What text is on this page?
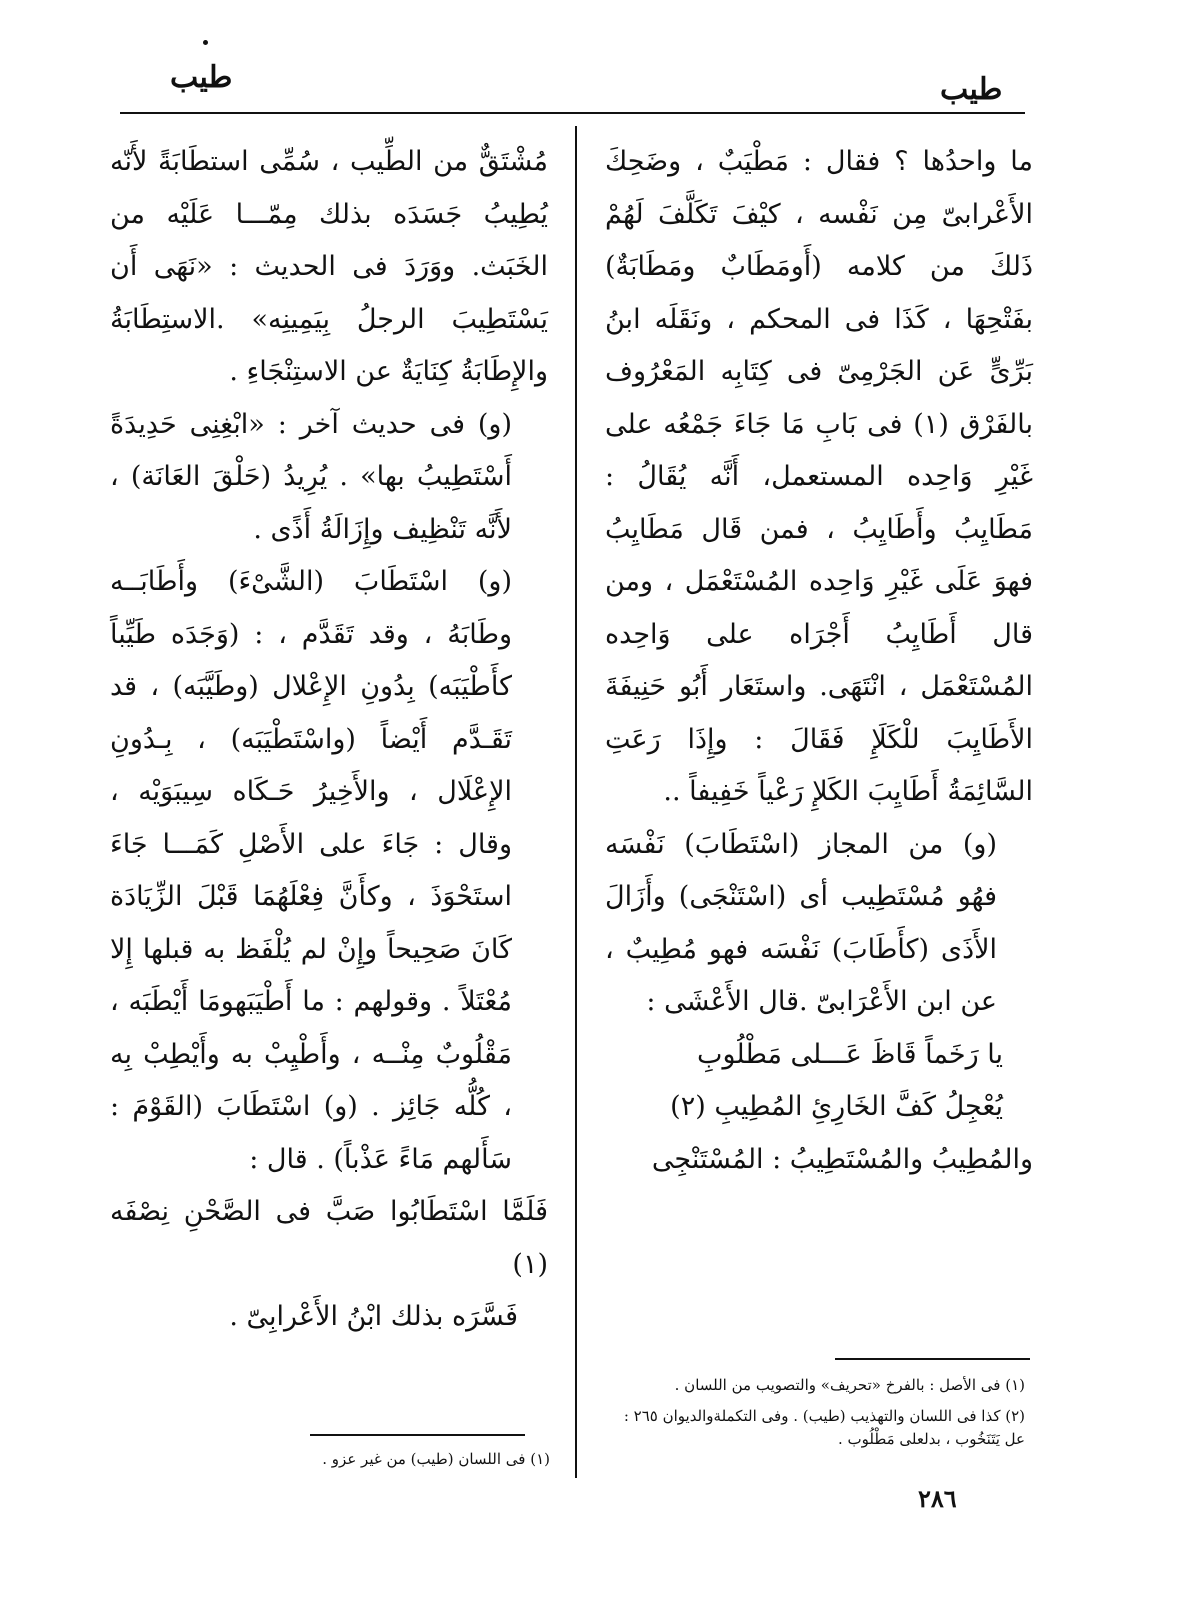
طيب	طيب

ما واحدُها ؟ فقال : مَطْيَبٌ ، وضَحِكَ الأَعْرابىّ مِن نَفْسه ، كيْفَ تَكَلَّفَ لَهُمْ ذَلكَ من كلامه (أَومَطَابٌ ومَطَابَةٌ) بفَتْحِهَا ، كَذَا فى المحكم ، ونَقَلَه ابنُ بَرِّىٍّ عَن الجَرْمِىّ فى كِتَابِه المَعْرُوف بالفَرْق (١) فى بَابِ مَا جَاءَ جَمْعُه على غَيْرِ وَاحِده المستعمل، أَنَّه يُقَالُ : مَطَايِبُ وأَطَايِبُ ، فمن قَال مَطَايِبُ فهوَ عَلَى غَيْرِ وَاحِده المُسْتَعْمَل ، ومن قال أَطَايِبُ أَجْرَاه على وَاحِده المُسْتَعْمَل ، انْتَهَى. واستَعَار أَبُو حَنِيفَةَ الأَطَايِبَ للْكَلَإِ فَقَالَ : وإِذَا رَعَتِ السَّائِمَةُ أَطَايِبَ الكَلإِ رَعْياً خَفِيفاً ..

(و) من المجاز (اسْتَطَابَ) نَفْسَه فهُو مُسْتَطِيب أى (اسْتَنْجَى) وأَزَالَ الأَذَى (كأَطَابَ) نَفْسَه فهو مُطِيبٌ ، عن ابن الأَعْرَابىّ .قال الأَعْشَى :

يا رَخَماً قَاظَ عَـــلى مَطْلُوبِ

يُعْجِلُ كَفَّ الخَارِئِ المُطِيبِ (٢)

والمُطِيبُ والمُسْتَطِيبُ : المُسْتَنْجِى

مُشْتَقٌّ من الطِّيب ، سُمِّى استطَابَةً لأَنّه يُطِيبُ جَسَدَه بذلك مِمّـــا عَلَيْه من الخَبَث. ووَرَدَ فى الحديث : «نَهَى أَن يَسْتَطِيبَ الرجلُ بِيَمِينِه» .الاستِطَابَةُ والإِطَابَةُ كِنَايَةٌ عن الاستِنْجَاءِ .

(و) فى حديث آخر : «ابْغِنِى حَدِيدَةً أَسْتَطِيبُ بها» . يُرِيدُ (حَلْقَ العَانَة) ، لأَنَّه تَنْظِيف وإِزَالَةُ أَذًى .

(و) اسْتَطَابَ (الشَّىْءَ) وأَطَابَــه وطَابَهُ ، وقد تَقَدَّم ، : (وَجَدَه طَيِّباً كأَطْيَبَه) بِدُونِ الإِعْلال (وطَيَّبَه) ، قد تَقَـدَّم أَيْضاً (واسْتَطْيَبَه) ، بِـدُونِ الإِعْلَال ، والأَخِيرُ حَـكَاه سِيبَوَيْه ، وقال : جَاءَ على الأَصْلِ كَمَـــا جَاءَ استَحْوَذَ ، وكأَنَّ فِعْلَهُمَا قَبْلَ الزِّيَادَة كَانَ صَحِيحاً وإِنْ لم يُلْفَظ به قبلها إِلا مُعْتَلاً . وقولهم : ما أَطْيَبَهومَا أَيْطَبَه ، مَقْلُوبٌ مِنْــه ، وأَطْيِبْ به وأَيْطِبْ بِه ، كُلُّه جَائِز . (و) اسْتَطَابَ (القَوْمَ : سَأَلهم مَاءً عَذْباً) . قال :

فَلَمَّا اسْتَطَابُوا صَبَّ فى الصَّحْنِ نِصْفَه (١)

فَسَّرَه بذلك ابْنُ الأَعْرابِىّ .

(١) فى الأصل : بالفرخ «تحريف» والتصويب من اللسان .

(٢) كذا فى اللسان والتهذيب (طيب) . وفى التكملةوالديوان ٢٦٥ : عل يَتَنَخُوب ، بدلعلى مَطْلُوب .

(١) فى اللسان (طيب) من غير عزو .

٢٨٦
